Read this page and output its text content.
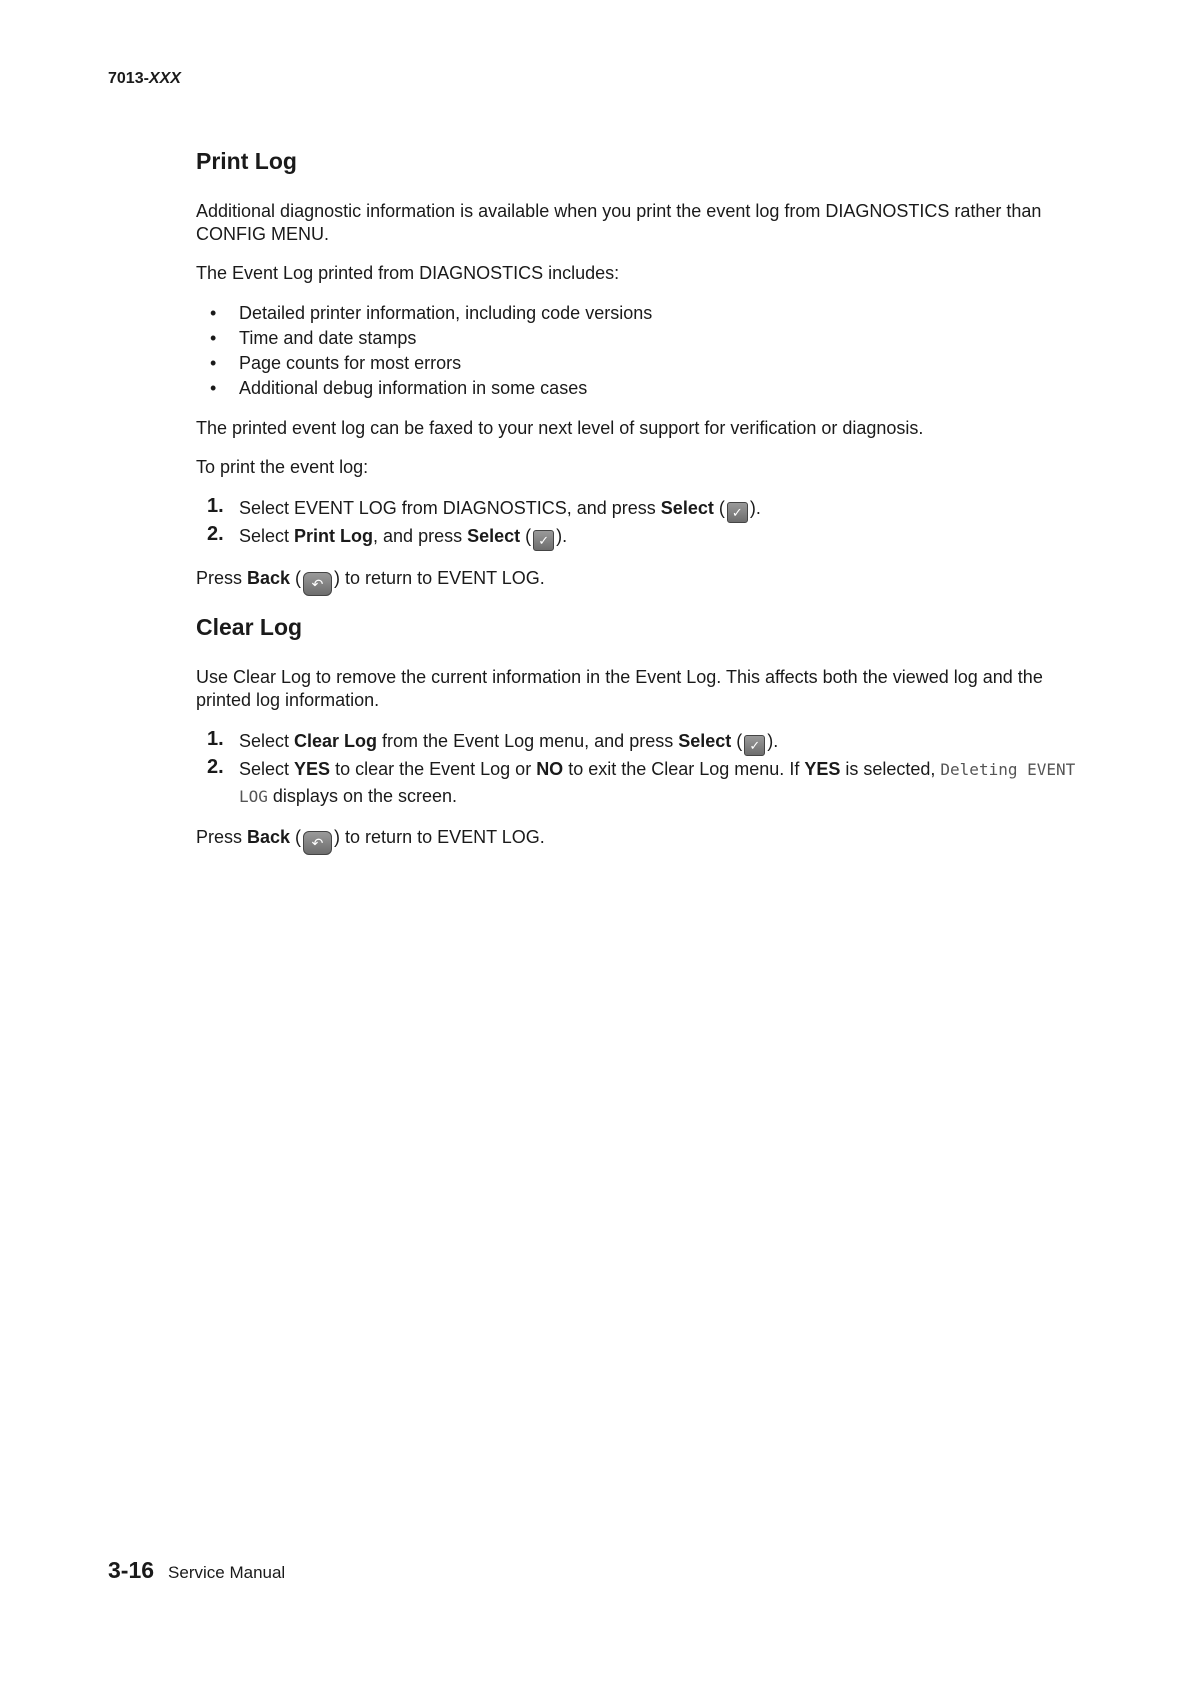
7013-XXX
Print Log

Additional diagnostic information is available when you print the event log from DIAGNOSTICS rather than CONFIG MENU.

The Event Log printed from DIAGNOSTICS includes:

• Detailed printer information, including code versions
• Time and date stamps
• Page counts for most errors
• Additional debug information in some cases

The printed event log can be faxed to your next level of support for verification or diagnosis.

To print the event log:

1. Select EVENT LOG from DIAGNOSTICS, and press Select ( ✓ ).
2. Select Print Log, and press Select ( ✓ ).

Press Back ( ↶ ) to return to EVENT LOG.

Clear Log

Use Clear Log to remove the current information in the Event Log. This affects both the viewed log and the printed log information.

1. Select Clear Log from the Event Log menu, and press Select ( ✓ ).
2. Select YES to clear the Event Log or NO to exit the Clear Log menu. If YES is selected, Deleting EVENT LOG displays on the screen.

Press Back ( ↶ ) to return to EVENT LOG.

3-16 Service Manual
